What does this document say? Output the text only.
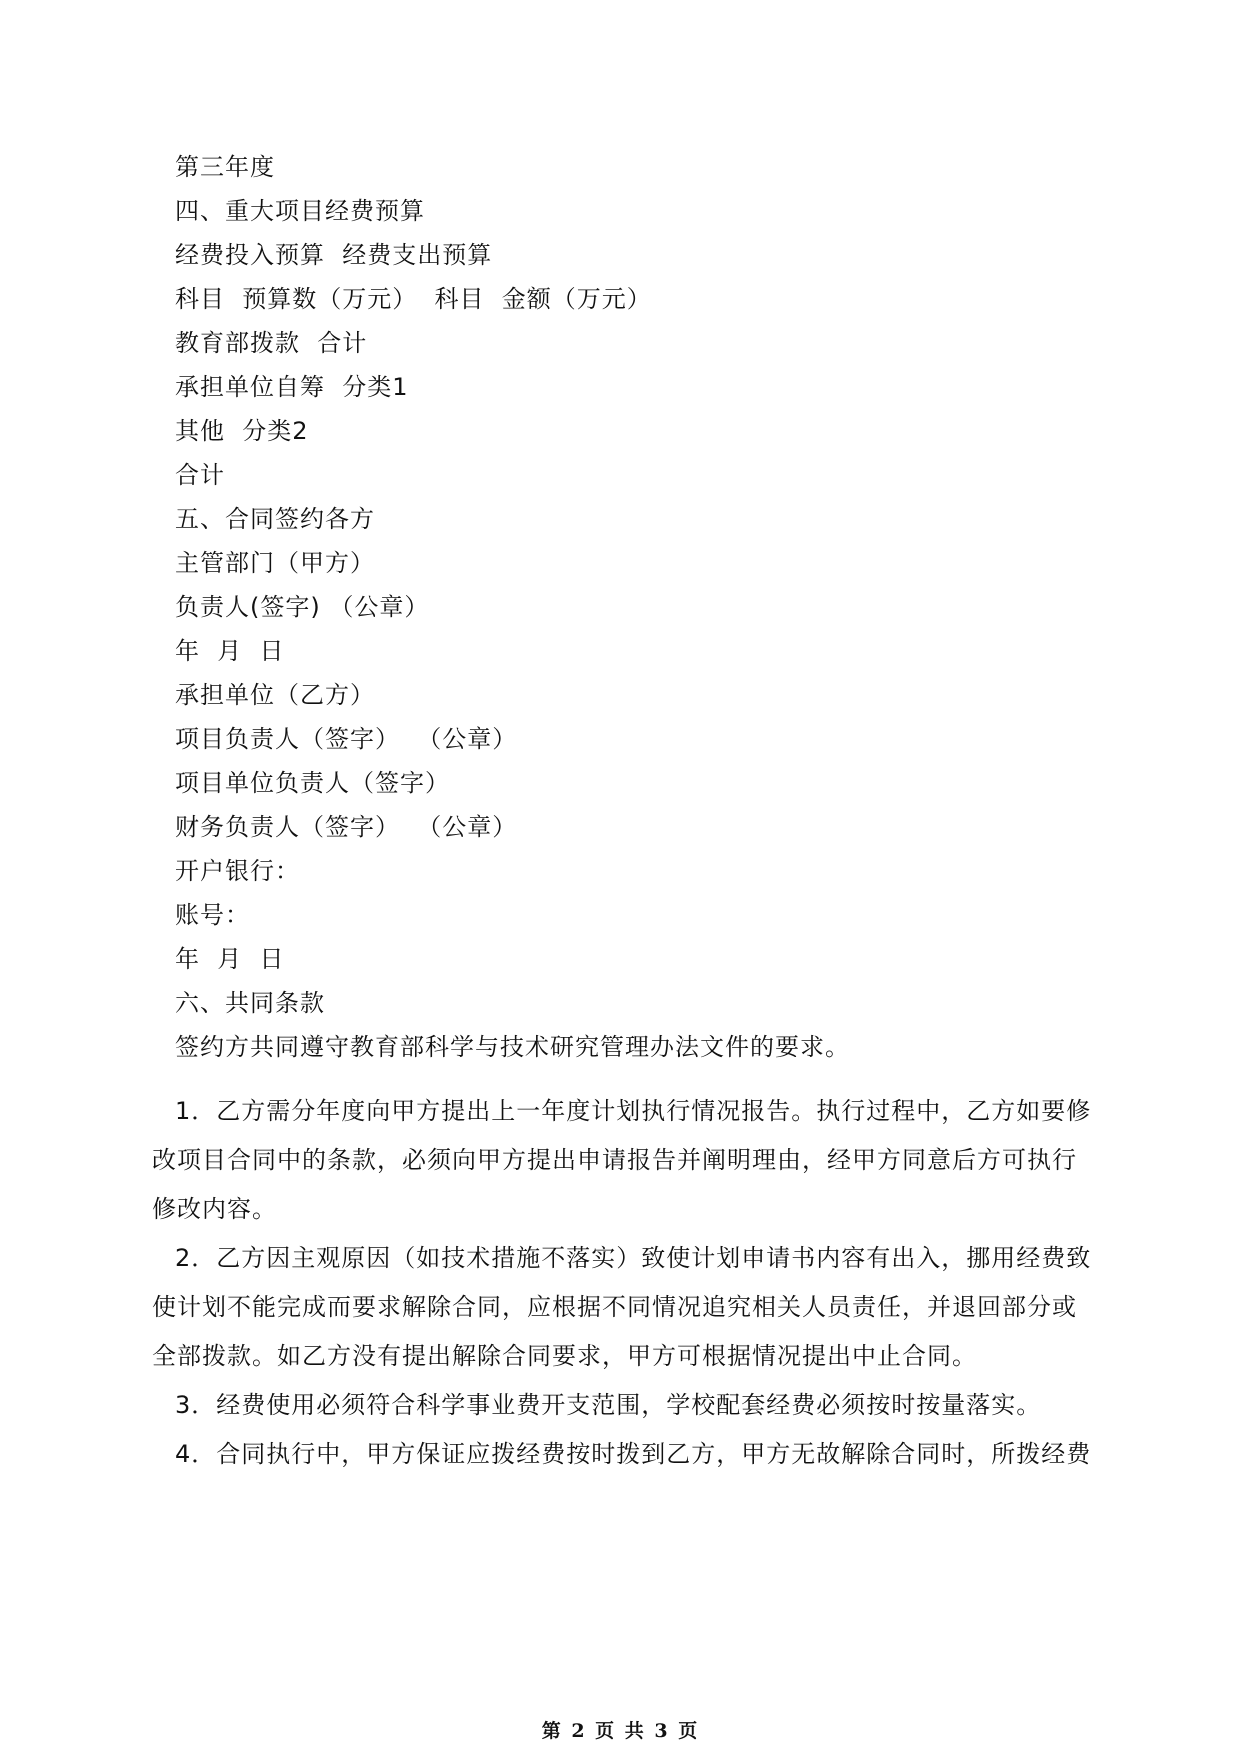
第三年度
四、重大项目经费预算
经费投入预算  经费支出预算
科目  预算数（万元）  科目  金额（万元）
教育部拨款  合计
承担单位自筹  分类1
其他  分类2
合计
五、合同签约各方
主管部门（甲方）
负责人(签字) （公章）
年  月  日
承担单位（乙方）
项目负责人（签字）  （公章）
项目单位负责人（签字）
财务负责人（签字）  （公章）
开户银行：
账号：
年  月  日
六、共同条款
签约方共同遵守教育部科学与技术研究管理办法文件的要求。
1．乙方需分年度向甲方提出上一年度计划执行情况报告。执行过程中，乙方如要修改项目合同中的条款，必须向甲方提出申请报告并阐明理由，经甲方同意后方可执行修改内容。
2．乙方因主观原因（如技术措施不落实）致使计划申请书内容有出入，挪用经费致使计划不能完成而要求解除合同，应根据不同情况追究相关人员责任，并退回部分或全部拨款。如乙方没有提出解除合同要求，甲方可根据情况提出中止合同。
3．经费使用必须符合科学事业费开支范围，学校配套经费必须按时按量落实。
4．合同执行中，甲方保证应拨经费按时拨到乙方，甲方无故解除合同时，所拨经费
第 2 页 共 3 页
